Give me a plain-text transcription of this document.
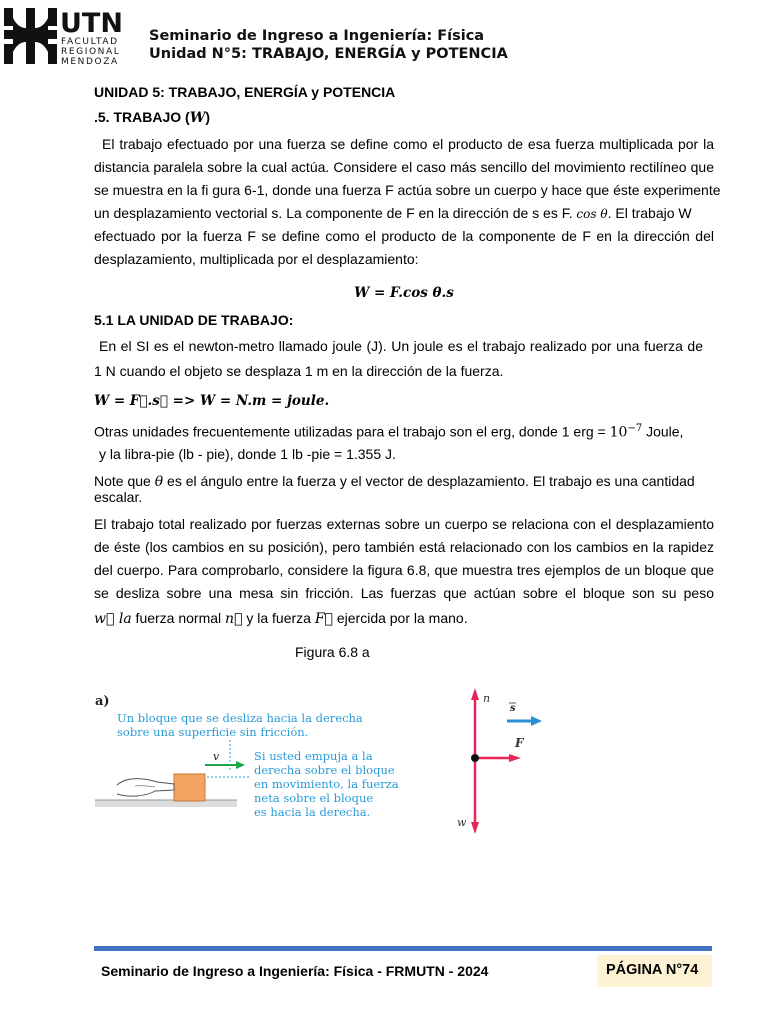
UTN
FACULTAD
REGIONAL
MENDOZA
Seminario de Ingreso a Ingeniería: Física
Unidad N°5: TRABAJO, ENERGÍA y POTENCIA
UNIDAD 5: TRABAJO, ENERGÍA y POTENCIA
.5. TRABAJO (W)
El trabajo efectuado por una fuerza se define como el producto de esa fuerza multiplicada por la
distancia paralela sobre la cual actúa. Considere el caso más sencillo del movimiento rectilíneo que
se muestra en la fi gura 6-1, donde una fuerza F actúa sobre un cuerpo y hace que éste experimente
un desplazamiento vectorial s. La componente de F en la dirección de s es F. cos θ. El trabajo W
efectuado por la fuerza F se define como el producto de la componente de F en la dirección del
desplazamiento, multiplicada por el desplazamiento:
W = F.cos θ.s
5.1 LA UNIDAD DE TRABAJO:
En el SI es el newton-metro llamado joule (J). Un joule es el trabajo realizado por una fuerza de
1 N cuando el objeto se desplaza 1 m en la dirección de la fuerza.
W = F⃗.s⃗ => W = N.m = joule.
Otras unidades frecuentemente utilizadas para el trabajo son el erg, donde 1 erg = $10^{-7}$ Joule,
y la libra-pie (lb - pie), donde 1 lb -pie = 1.355 J.
Note que θ es el ángulo entre la fuerza y el vector de desplazamiento. El trabajo es una cantidad
escalar.
El trabajo total realizado por fuerzas externas sobre un cuerpo se relaciona con el desplazamiento
de éste (los cambios en su posición), pero también está relacionado con los cambios en la rapidez
del cuerpo. Para comprobarlo, considere la figura 6.8, que muestra tres ejemplos de un bloque que
se desliza sobre una mesa sin fricción. Las fuerzas que actúan sobre el bloque son su peso
w⃗ la fuerza normal n⃗ y la fuerza F⃗ ejercida por la mano.
Figura 6.8 a
a)
Un bloque que se desliza hacia la derecha
sobre una superficie sin fricción.
v	Si usted empuja a la
derecha sobre el bloque
en movimiento, la fuerza
neta sobre el bloque
es hacia la derecha.
n
w
F
s
Seminario de Ingreso a Ingeniería: Física - FRMUTN - 2024	PÁGINA N°74
